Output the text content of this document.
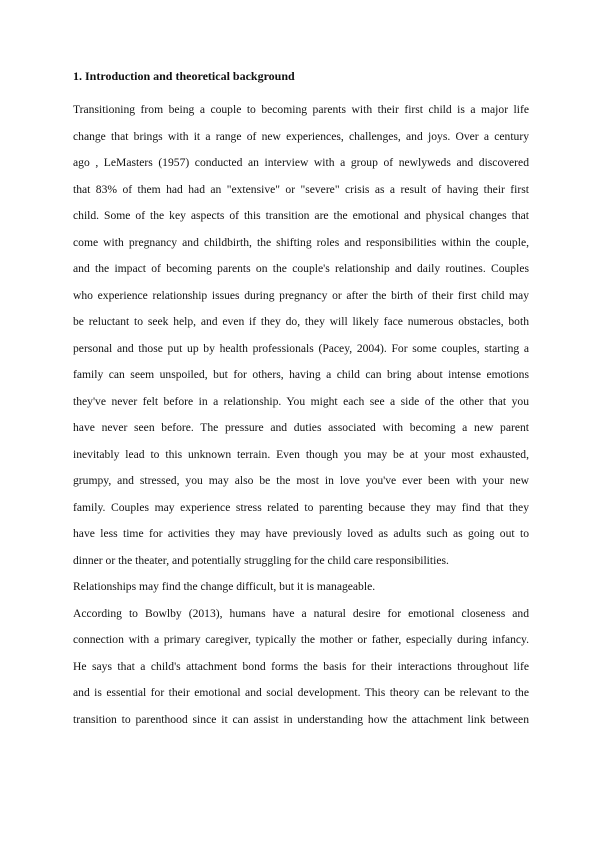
1. Introduction and theoretical background
Transitioning from being a couple to becoming parents with their first child is a major life
change that brings with it a range of new experiences, challenges, and joys. Over a century
ago , LeMasters (1957) conducted an interview with a group of newlyweds and discovered
that 83% of them had had an "extensive" or "severe" crisis as a result of having their first
child. Some of the key aspects of this transition are the emotional and physical changes that
come with pregnancy and childbirth, the shifting roles and responsibilities within the couple,
and the impact of becoming parents on the couple's relationship and daily routines. Couples
who experience relationship issues during pregnancy or after the birth of their first child may
be reluctant to seek help, and even if they do, they will likely face numerous obstacles, both
personal and those put up by health professionals (Pacey, 2004). For some couples, starting a
family can seem unspoiled, but for others, having a child can bring about intense emotions
they've never felt before in a relationship. You might each see a side of the other that you
have never seen before. The pressure and duties associated with becoming a new parent
inevitably lead to this unknown terrain. Even though you may be at your most exhausted,
grumpy, and stressed, you may also be the most in love you've ever been with your new
family. Couples may experience stress related to parenting because they may find that they
have less time for activities they may have previously loved as adults such as going out to
dinner or the theater, and potentially struggling for the child care responsibilities.
Relationships may find the change difficult, but it is manageable.
According to Bowlby (2013), humans have a natural desire for emotional closeness and
connection with a primary caregiver, typically the mother or father, especially during infancy.
He says that a child's attachment bond forms the basis for their interactions throughout life
and is essential for their emotional and social development. This theory can be relevant to the
transition to parenthood since it can assist in understanding how the attachment link between
